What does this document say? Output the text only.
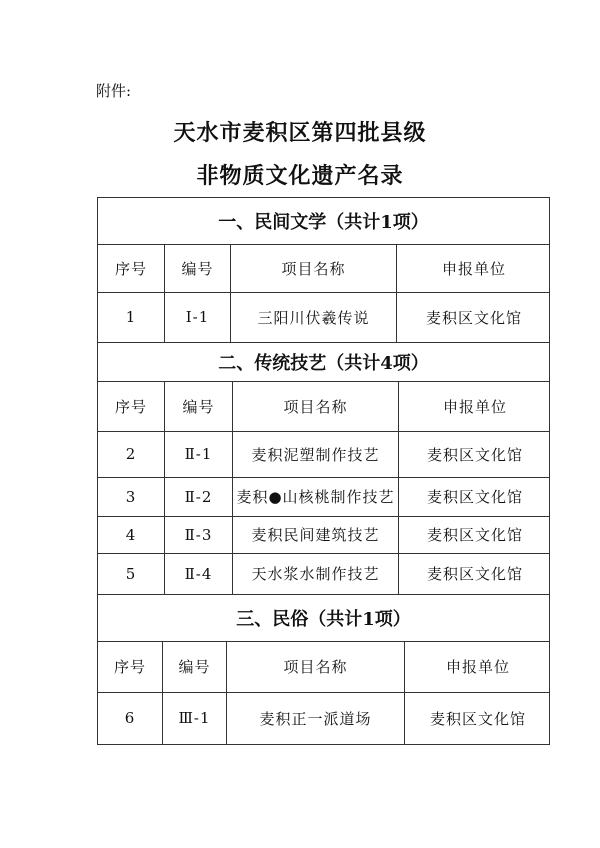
附件:
天水市麦积区第四批县级
非物质文化遗产名录
一、民间文学（共计1项）
序号	编号	项目名称	申报单位
1	Ⅰ-1	三阳川伏羲传说	麦积区文化馆
二、传统技艺（共计4项）
序号	编号	项目名称	申报单位
2	Ⅱ-1	麦积泥塑制作技艺	麦积区文化馆
3	Ⅱ-2	麦积●山核桃制作技艺	麦积区文化馆
4	Ⅱ-3	麦积民间建筑技艺	麦积区文化馆
5	Ⅱ-4	天水浆水制作技艺	麦积区文化馆
三、民俗（共计1项）
序号	编号	项目名称	申报单位
6	Ⅲ-1	麦积正一派道场	麦积区文化馆
